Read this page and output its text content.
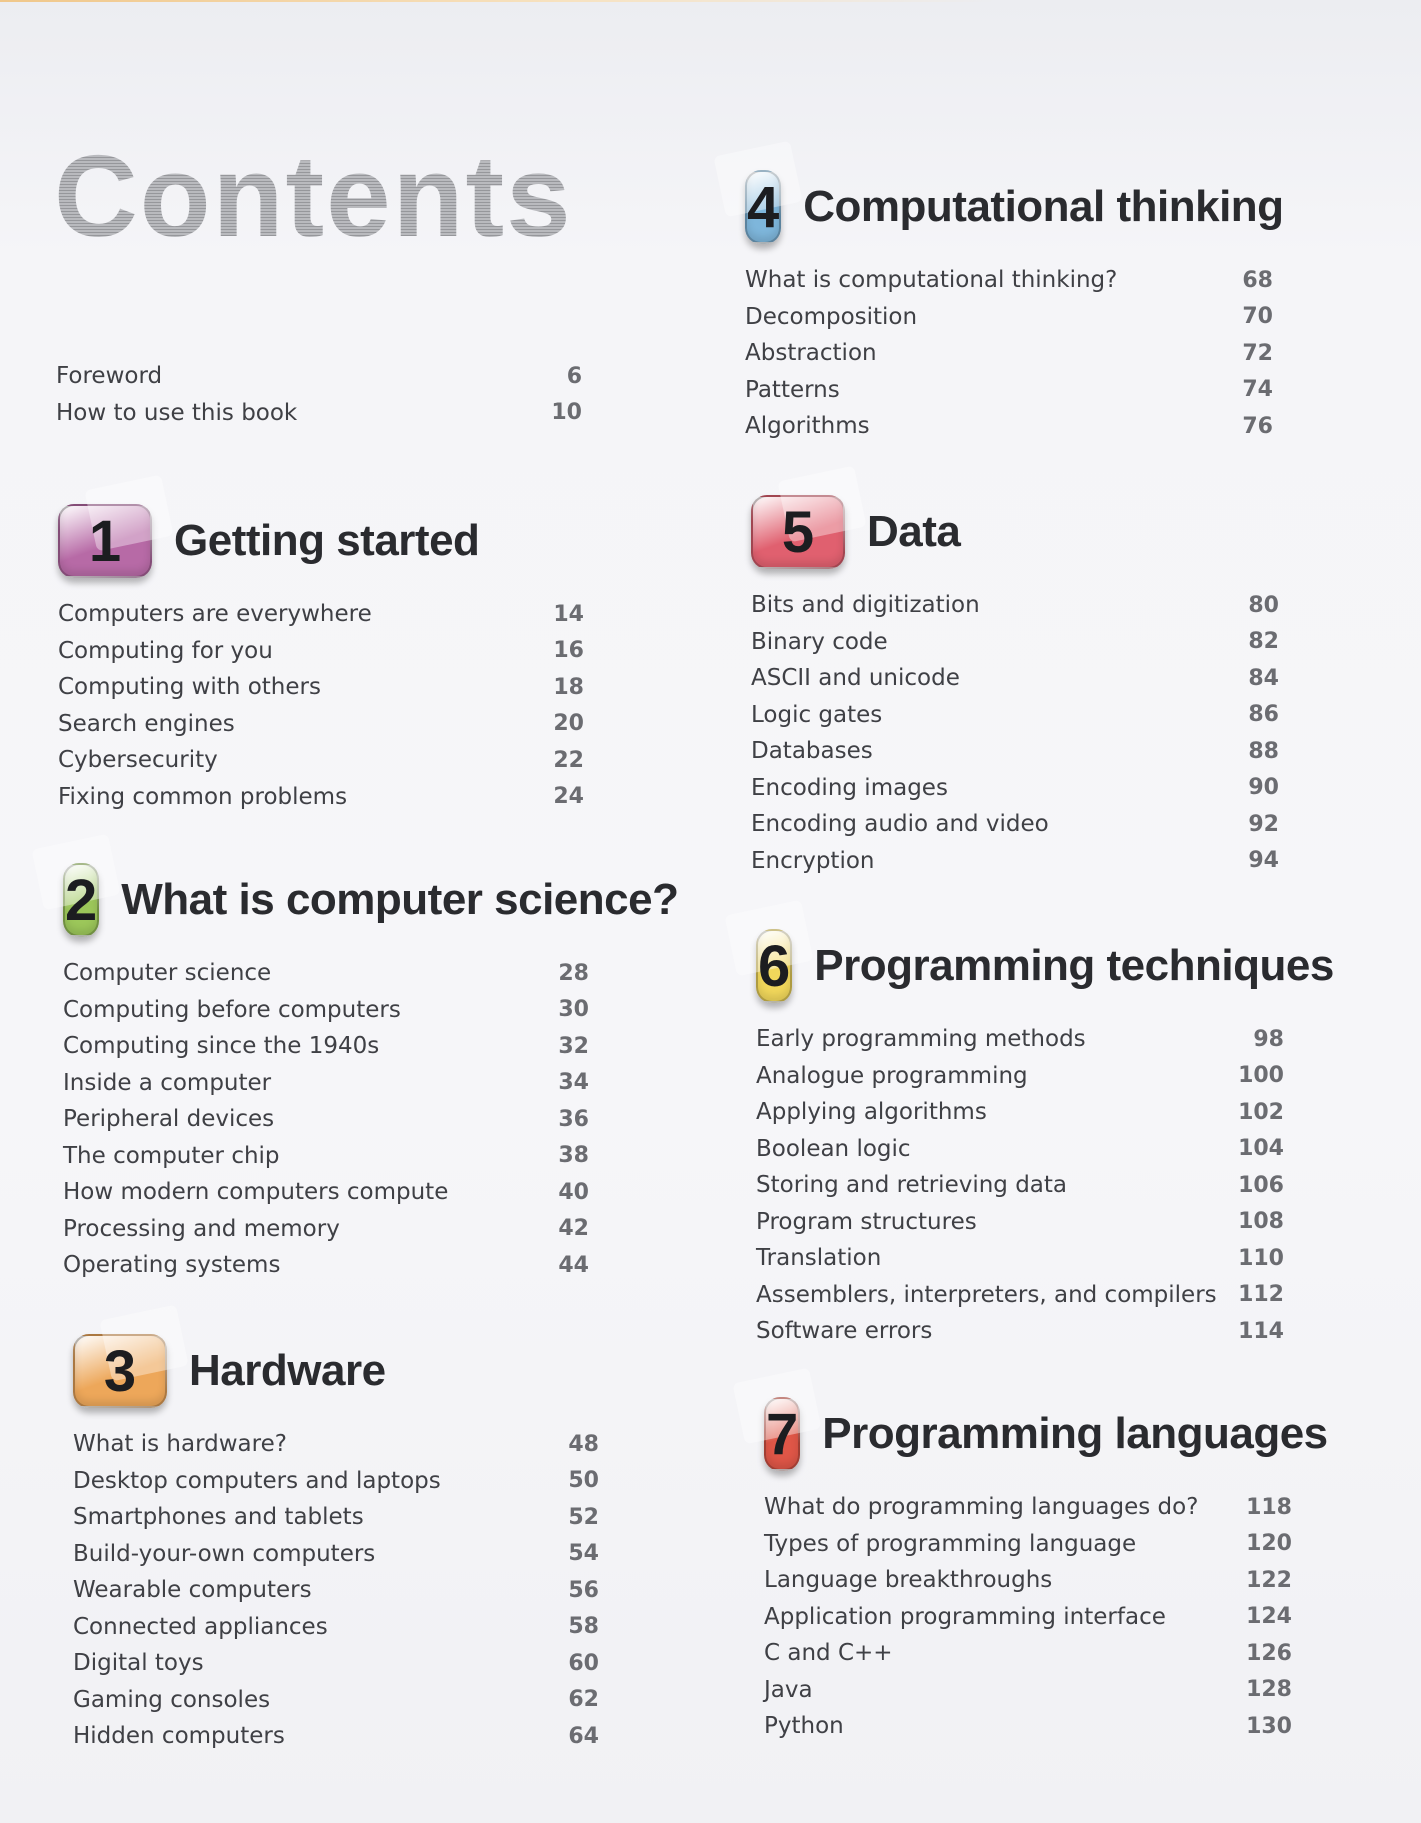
Contents
Foreword	6
How to use this book	10
1 Getting started
Computers are everywhere	14
Computing for you	16
Computing with others	18
Search engines	20
Cybersecurity	22
Fixing common problems	24
2 What is computer science?
Computer science	28
Computing before computers	30
Computing since the 1940s	32
Inside a computer	34
Peripheral devices	36
The computer chip	38
How modern computers compute	40
Processing and memory	42
Operating systems	44
3 Hardware
What is hardware?	48
Desktop computers and laptops	50
Smartphones and tablets	52
Build-your-own computers	54
Wearable computers	56
Connected appliances	58
Digital toys	60
Gaming consoles	62
Hidden computers	64
4 Computational thinking
What is computational thinking?	68
Decomposition	70
Abstraction	72
Patterns	74
Algorithms	76
5 Data
Bits and digitization	80
Binary code	82
ASCII and unicode	84
Logic gates	86
Databases	88
Encoding images	90
Encoding audio and video	92
Encryption	94
6 Programming techniques
Early programming methods	98
Analogue programming	100
Applying algorithms	102
Boolean logic	104
Storing and retrieving data	106
Program structures	108
Translation	110
Assemblers, interpreters, and compilers 112
Software errors	114
7 Programming languages
What do programming languages do?	118
Types of programming language	120
Language breakthroughs	122
Application programming interface	124
C and C++	126
Java	128
Python	130
